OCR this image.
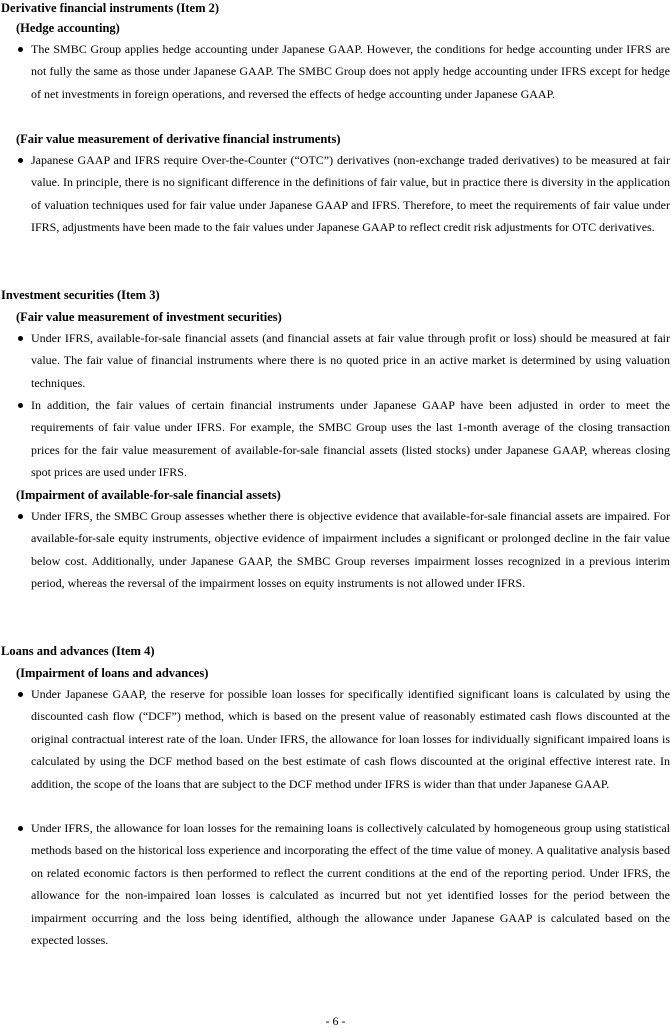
Derivative financial instruments (Item 2)
(Hedge accounting)

The SMBC Group applies hedge accounting under Japanese GAAP. However, the conditions for hedge accounting under IFRS are not fully the same as those under Japanese GAAP. The SMBC Group does not apply hedge accounting under IFRS except for hedge of net investments in foreign operations, and reversed the effects of hedge accounting under Japanese GAAP.

(Fair value measurement of derivative financial instruments)

Japanese GAAP and IFRS require Over-the-Counter (“OTC”) derivatives (non-exchange traded derivatives) to be measured at fair value. In principle, there is no significant difference in the definitions of fair value, but in practice there is diversity in the application of valuation techniques used for fair value under Japanese GAAP and IFRS. Therefore, to meet the requirements of fair value under IFRS, adjustments have been made to the fair values under Japanese GAAP to reflect credit risk adjustments for OTC derivatives.

Investment securities (Item 3)
(Fair value measurement of investment securities)

Under IFRS, available-for-sale financial assets (and financial assets at fair value through profit or loss) should be measured at fair value. The fair value of financial instruments where there is no quoted price in an active market is determined by using valuation techniques.

In addition, the fair values of certain financial instruments under Japanese GAAP have been adjusted in order to meet the requirements of fair value under IFRS. For example, the SMBC Group uses the last 1-month average of the closing transaction prices for the fair value measurement of available-for-sale financial assets (listed stocks) under Japanese GAAP, whereas closing spot prices are used under IFRS.

(Impairment of available-for-sale financial assets)

Under IFRS, the SMBC Group assesses whether there is objective evidence that available-for-sale financial assets are impaired. For available-for-sale equity instruments, objective evidence of impairment includes a significant or prolonged decline in the fair value below cost. Additionally, under Japanese GAAP, the SMBC Group reverses impairment losses recognized in a previous interim period, whereas the reversal of the impairment losses on equity instruments is not allowed under IFRS.

Loans and advances (Item 4)
(Impairment of loans and advances)

Under Japanese GAAP, the reserve for possible loan losses for specifically identified significant loans is calculated by using the discounted cash flow (“DCF”) method, which is based on the present value of reasonably estimated cash flows discounted at the original contractual interest rate of the loan. Under IFRS, the allowance for loan losses for individually significant impaired loans is calculated by using the DCF method based on the best estimate of cash flows discounted at the original effective interest rate. In addition, the scope of the loans that are subject to the DCF method under IFRS is wider than that under Japanese GAAP.

Under IFRS, the allowance for loan losses for the remaining loans is collectively calculated by homogeneous group using statistical methods based on the historical loss experience and incorporating the effect of the time value of money. A qualitative analysis based on related economic factors is then performed to reflect the current conditions at the end of the reporting period. Under IFRS, the allowance for the non-impaired loan losses is calculated as incurred but not yet identified losses for the period between the impairment occurring and the loss being identified, although the allowance under Japanese GAAP is calculated based on the expected losses.

- 6 -
